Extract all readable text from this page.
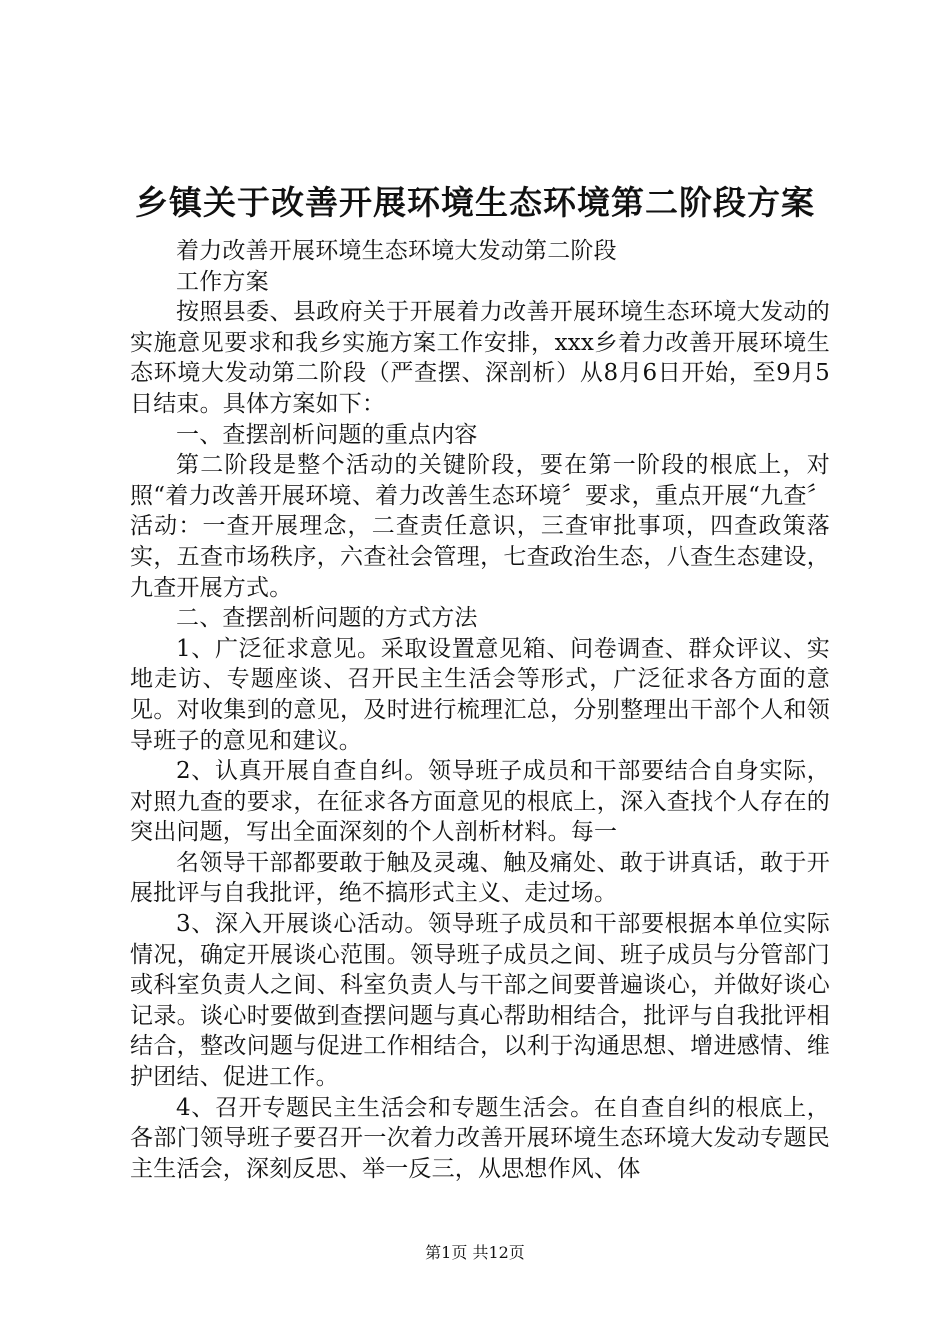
乡镇关于改善开展环境生态环境第二阶段方案

着力改善开展环境生态环境大发动第二阶段

工作方案

按照县委、县政府关于开展着力改善开展环境生态环境大发动的实施意见要求和我乡实施方案工作安排，xxx乡着力改善开展环境生态环境大发动第二阶段（严查摆、深剖析）从8月6日开始，至9月5日结束。具体方案如下：

一、查摆剖析问题的重点内容

第二阶段是整个活动的关键阶段，要在第一阶段的根底上，对照“着力改善开展环境、着力改善生态环境〞要求，重点开展“九查〞活动：一查开展理念，二查责任意识，三查审批事项，四查政策落实，五查市场秩序，六查社会管理，七查政治生态，八查生态建设，九查开展方式。

二、查摆剖析问题的方式方法

1、广泛征求意见。采取设置意见箱、问卷调查、群众评议、实地走访、专题座谈、召开民主生活会等形式，广泛征求各方面的意见。对收集到的意见，及时进行梳理汇总，分别整理出干部个人和领导班子的意见和建议。

2、认真开展自查自纠。领导班子成员和干部要结合自身实际，对照九查的要求，在征求各方面意见的根底上，深入查找个人存在的突出问题，写出全面深刻的个人剖析材料。每一

名领导干部都要敢于触及灵魂、触及痛处、敢于讲真话，敢于开展批评与自我批评，绝不搞形式主义、走过场。

3、深入开展谈心活动。领导班子成员和干部要根据本单位实际情况，确定开展谈心范围。领导班子成员之间、班子成员与分管部门或科室负责人之间、科室负责人与干部之间要普遍谈心，并做好谈心记录。谈心时要做到查摆问题与真心帮助相结合，批评与自我批评相结合，整改问题与促进工作相结合，以利于沟通思想、增进感情、维护团结、促进工作。

4、召开专题民主生活会和专题生活会。在自查自纠的根底上，各部门领导班子要召开一次着力改善开展环境生态环境大发动专题民主生活会，深刻反思、举一反三，从思想作风、体

第1页 共12页
